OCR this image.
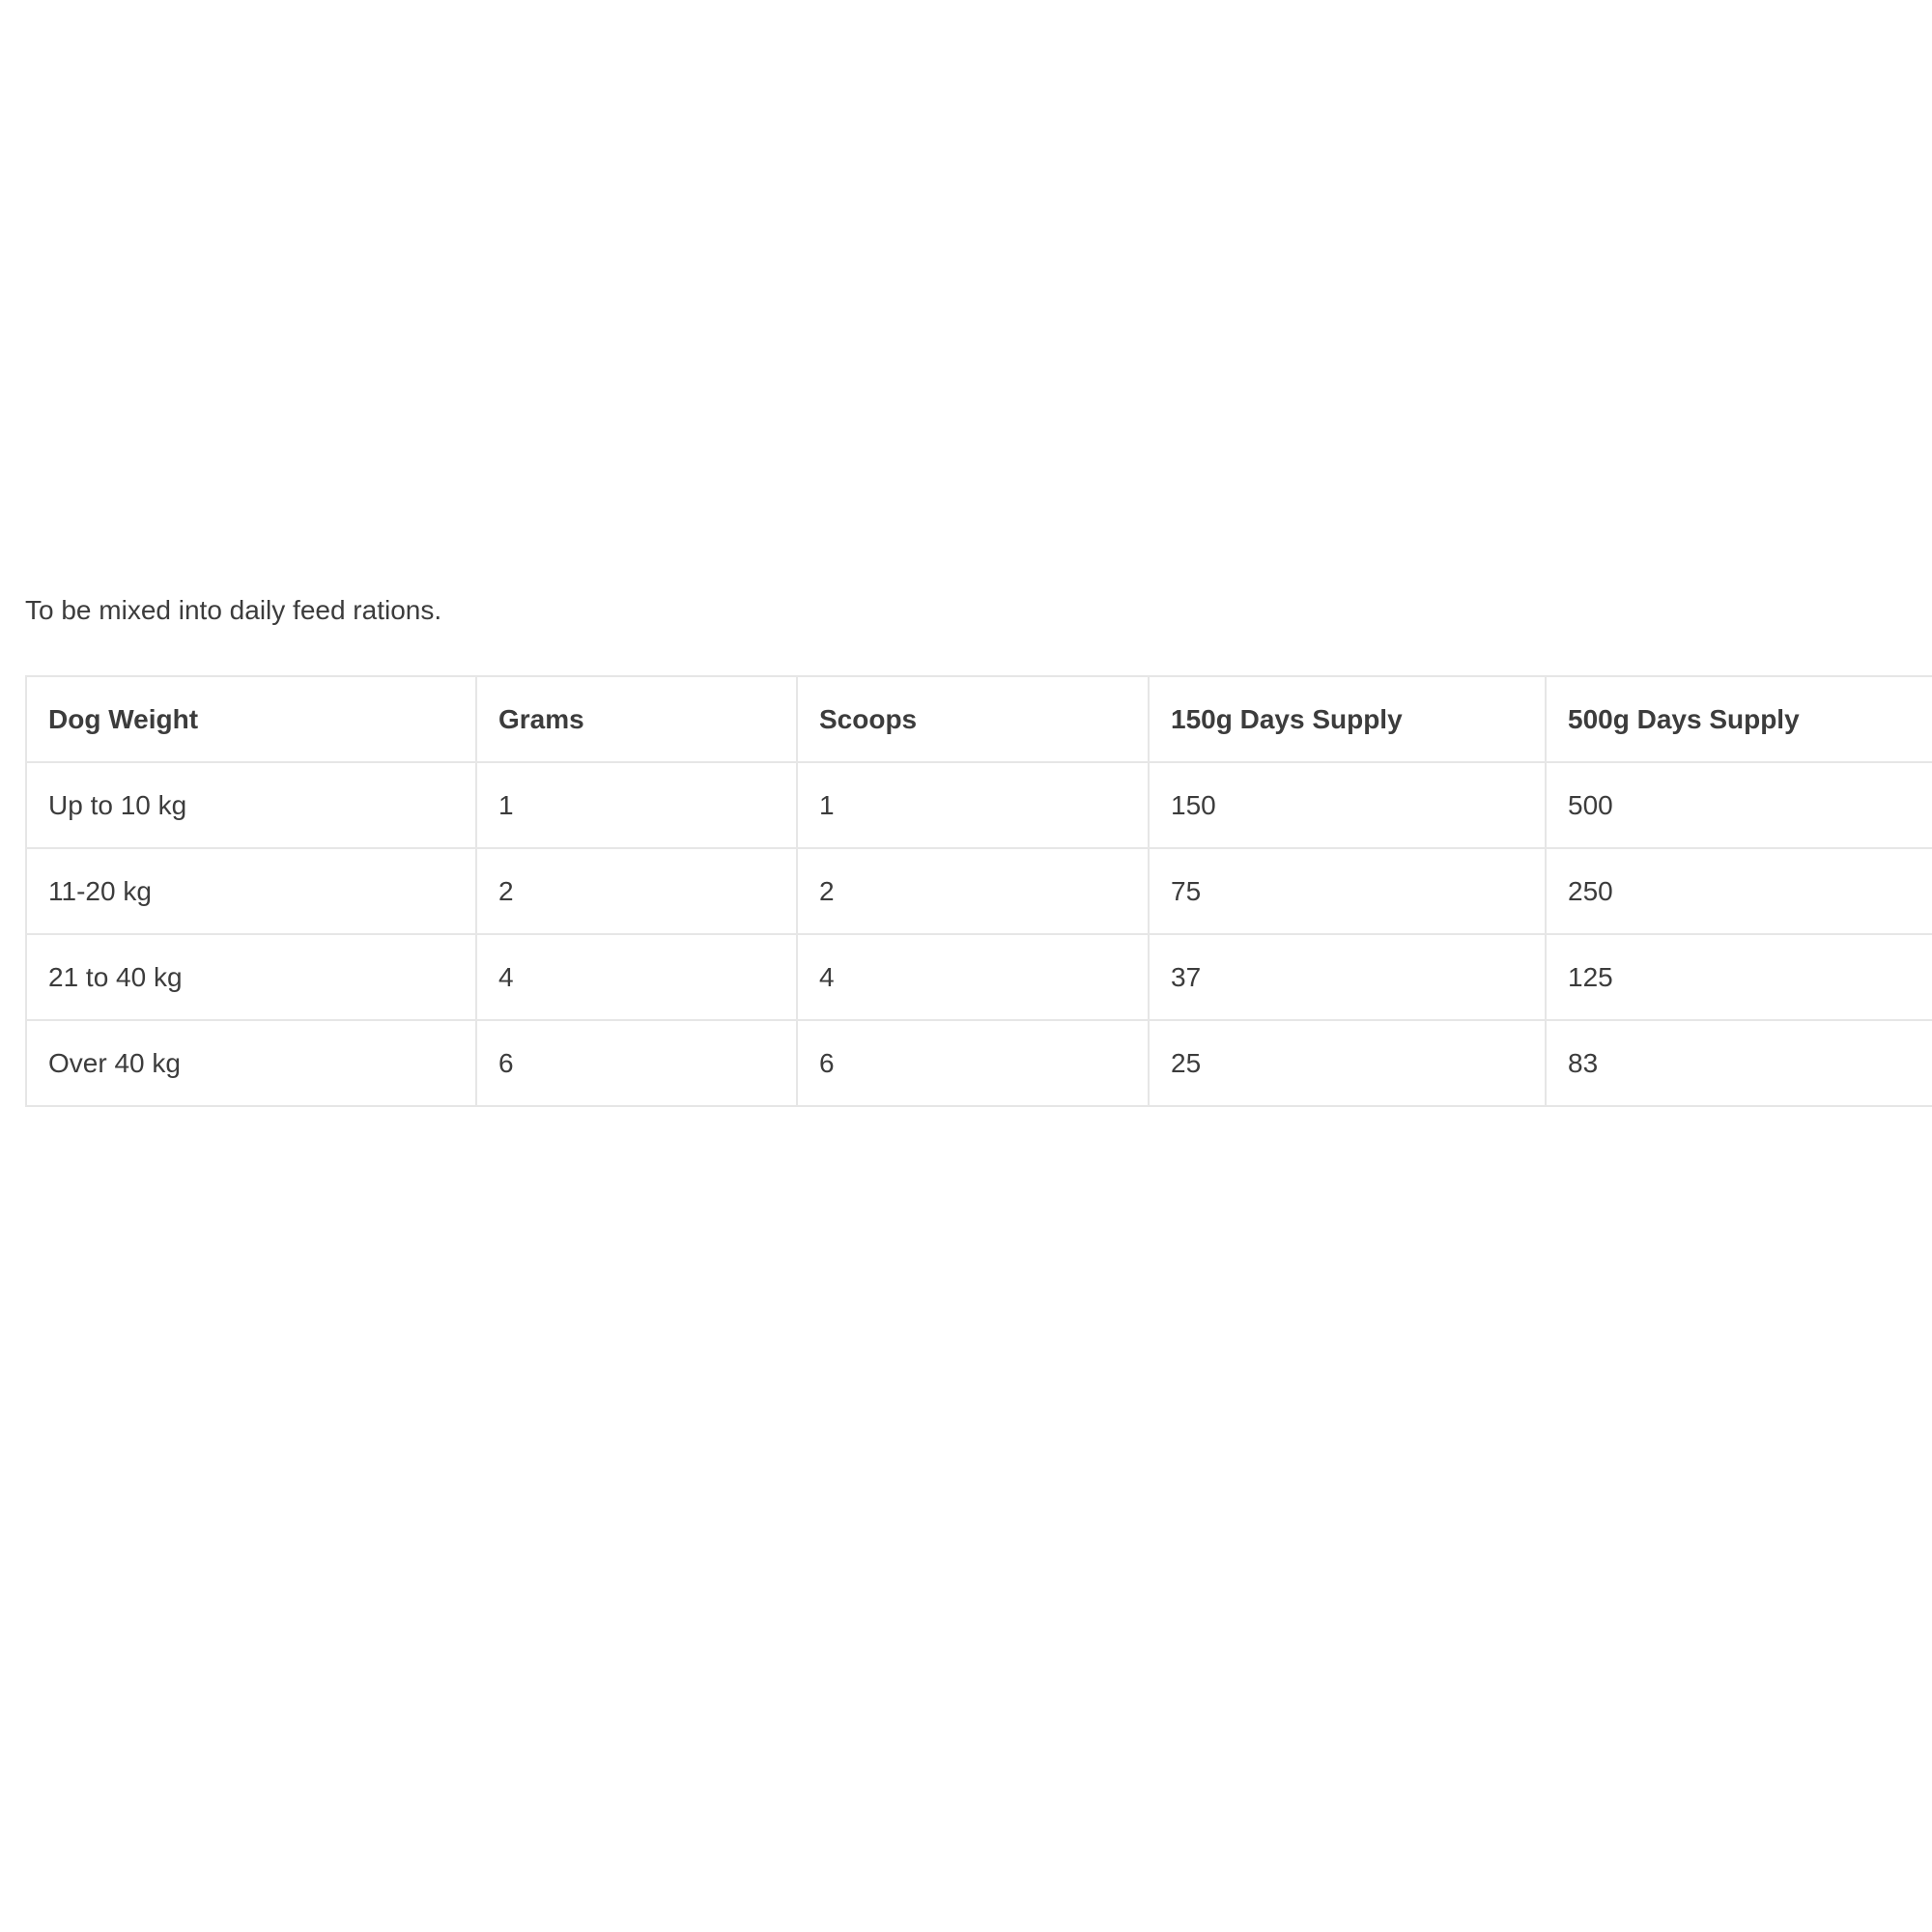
To be mixed into daily feed rations.

Dog Weight	Grams	Scoops	150g Days Supply	500g Days Supply
Up to 10 kg	1	1	150	500
11-20 kg	2	2	75	250
21 to 40 kg	4	4	37	125
Over 40 kg	6	6	25	83
